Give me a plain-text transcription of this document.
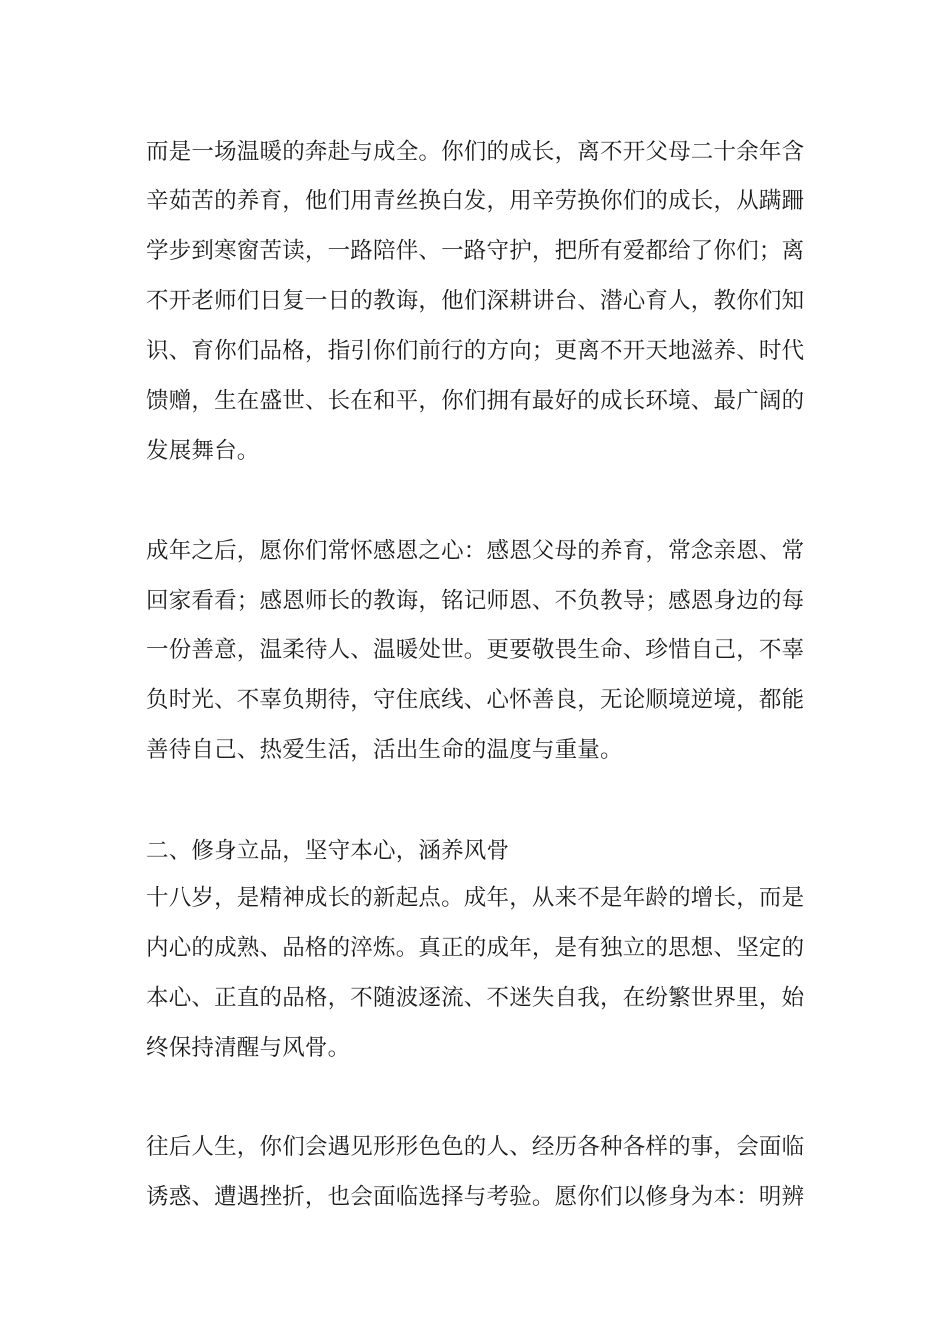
而是一场温暖的奔赴与成全。你们的成长，离不开父母二十余年含
辛茹苦的养育，他们用青丝换白发，用辛劳换你们的成长，从蹒跚
学步到寒窗苦读，一路陪伴、一路守护，把所有爱都给了你们；离
不开老师们日复一日的教诲，他们深耕讲台、潜心育人，教你们知
识、育你们品格，指引你们前行的方向；更离不开天地滋养、时代
馈赠，生在盛世、长在和平，你们拥有最好的成长环境、最广阔的
发展舞台。
成年之后，愿你们常怀感恩之心：感恩父母的养育，常念亲恩、常
回家看看；感恩师长的教诲，铭记师恩、不负教导；感恩身边的每
一份善意，温柔待人、温暖处世。更要敬畏生命、珍惜自己，不辜
负时光、不辜负期待，守住底线、心怀善良，无论顺境逆境，都能
善待自己、热爱生活，活出生命的温度与重量。
二、修身立品，坚守本心，涵养风骨
十八岁，是精神成长的新起点。成年，从来不是年龄的增长，而是
内心的成熟、品格的淬炼。真正的成年，是有独立的思想、坚定的
本心、正直的品格，不随波逐流、不迷失自我，在纷繁世界里，始
终保持清醒与风骨。
往后人生，你们会遇见形形色色的人、经历各种各样的事，会面临
诱惑、遭遇挫折，也会面临选择与考验。愿你们以修身为本：明辨
